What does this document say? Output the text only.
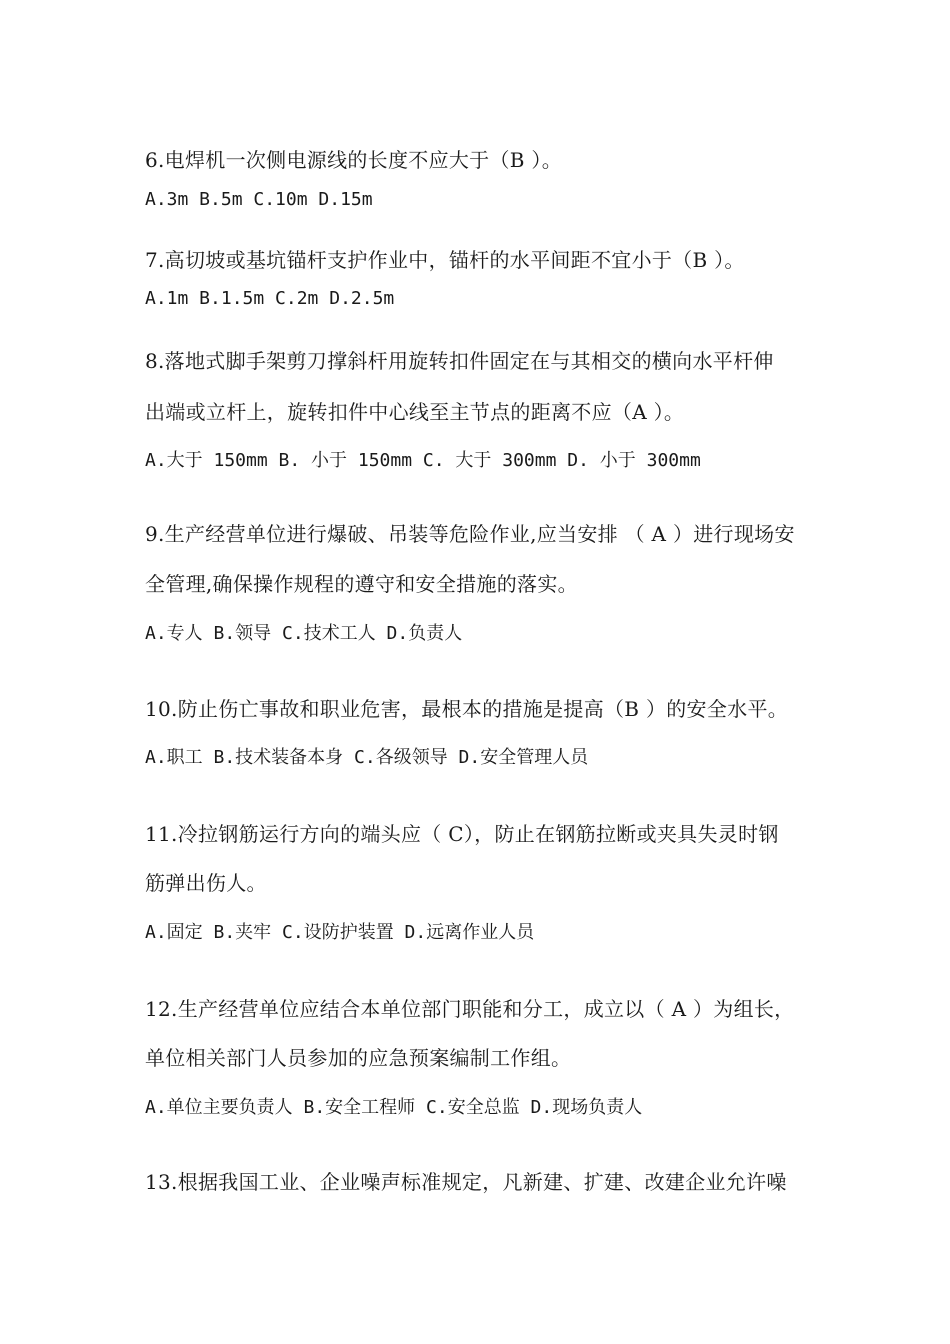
6.电焊机一次侧电源线的长度不应大于（B ）。

A.3m B.5m C.10m D.15m

7.高切坡或基坑锚杆支护作业中，锚杆的水平间距不宜小于（B ）。

A.1m B.1.5m C.2m D.2.5m

8.落地式脚手架剪刀撑斜杆用旋转扣件固定在与其相交的横向水平杆伸

出端或立杆上，旋转扣件中心线至主节点的距离不应（A ）。

A.大于 150mm B. 小于 150mm C. 大于 300mm D. 小于 300mm

9.生产经营单位进行爆破、吊装等危险作业,应当安排 （ A ）进行现场安

全管理,确保操作规程的遵守和安全措施的落实。

A.专人 B.领导 C.技术工人 D.负责人

10.防止伤亡事故和职业危害，最根本的措施是提高（B ）的安全水平。

A.职工 B.技术装备本身 C.各级领导 D.安全管理人员

11.冷拉钢筋运行方向的端头应（ C），防止在钢筋拉断或夹具失灵时钢

筋弹出伤人。

A.固定 B.夹牢 C.设防护装置 D.远离作业人员

12.生产经营单位应结合本单位部门职能和分工，成立以（ A ）为组长，

单位相关部门人员参加的应急预案编制工作组。

A.单位主要负责人 B.安全工程师 C.安全总监 D.现场负责人

13.根据我国工业、企业噪声标准规定，凡新建、扩建、改建企业允许噪
